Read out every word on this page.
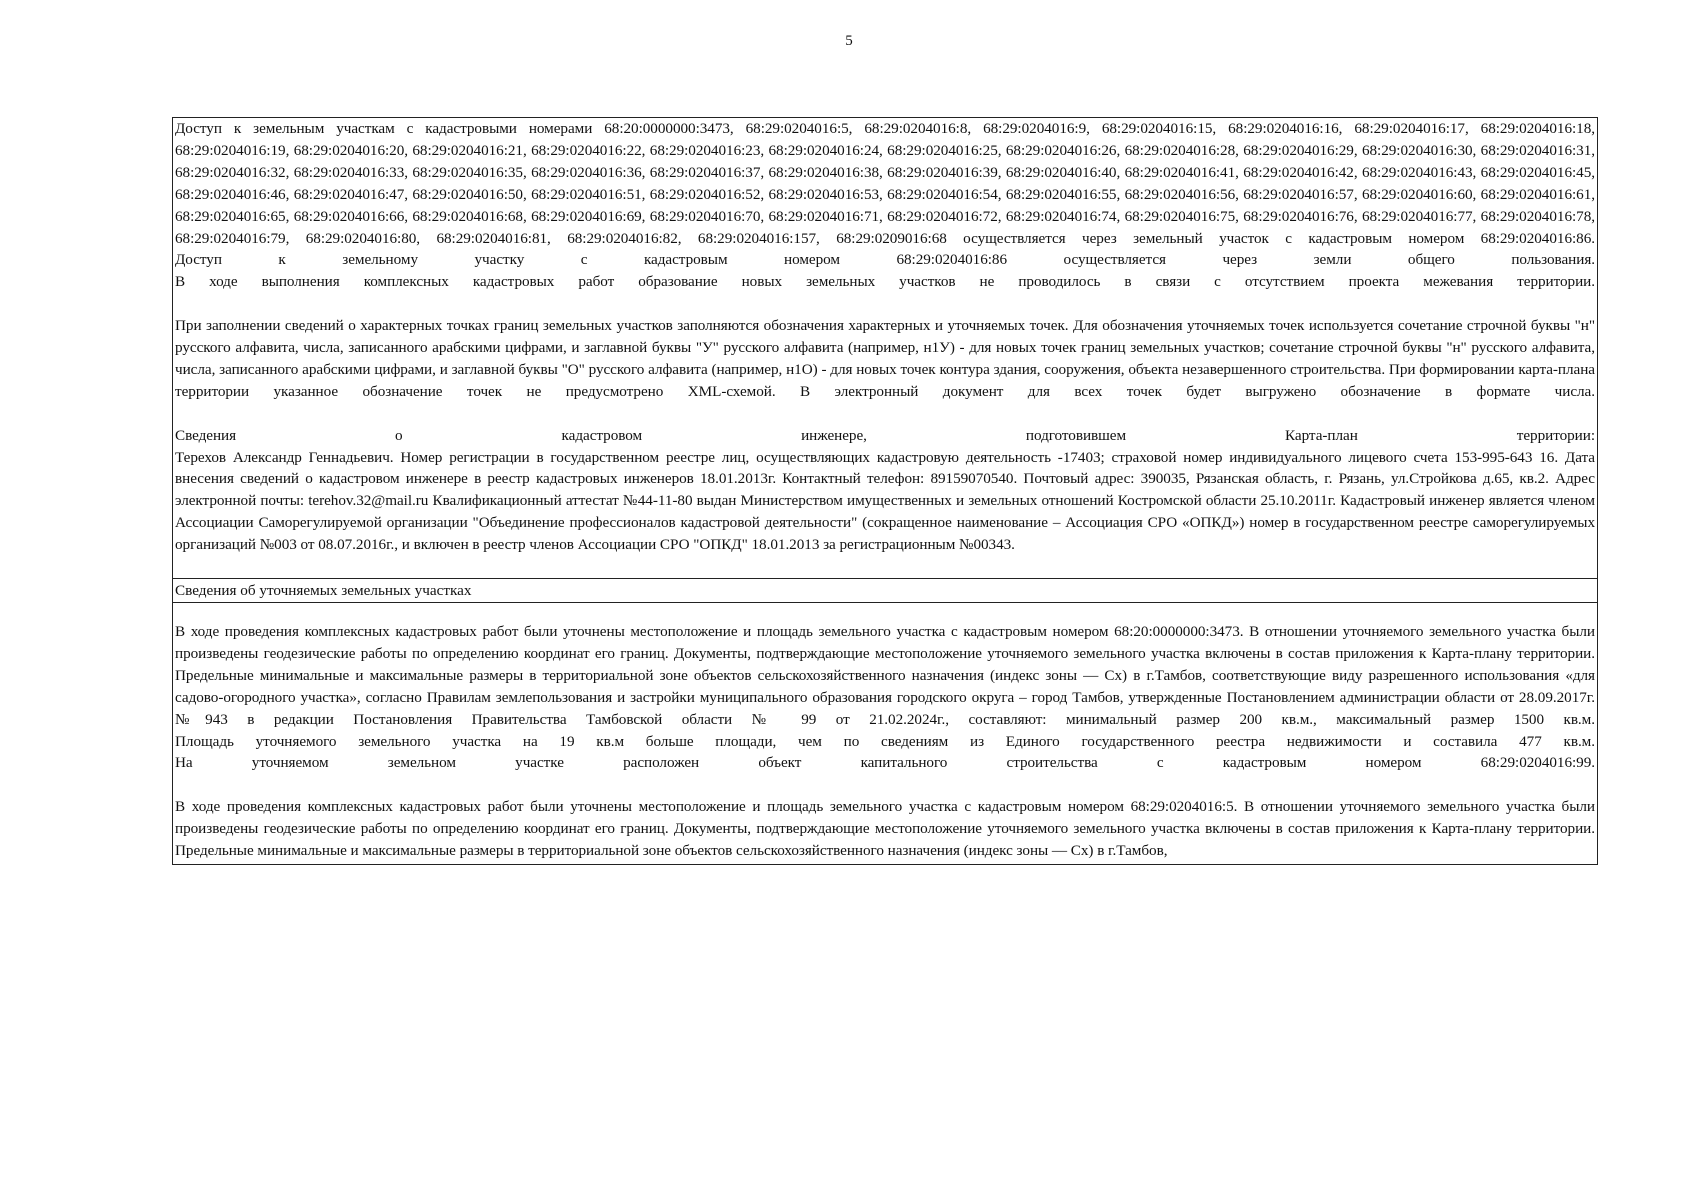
5

Доступ к земельным участкам с кадастровыми номерами 68:20:0000000:3473, 68:29:0204016:5, 68:29:0204016:8, 68:29:0204016:9, 68:29:0204016:15, 68:29:0204016:16, 68:29:0204016:17, 68:29:0204016:18, 68:29:0204016:19, 68:29:0204016:20, 68:29:0204016:21, 68:29:0204016:22, 68:29:0204016:23, 68:29:0204016:24, 68:29:0204016:25, 68:29:0204016:26, 68:29:0204016:28, 68:29:0204016:29, 68:29:0204016:30, 68:29:0204016:31, 68:29:0204016:32, 68:29:0204016:33, 68:29:0204016:35, 68:29:0204016:36, 68:29:0204016:37, 68:29:0204016:38, 68:29:0204016:39, 68:29:0204016:40, 68:29:0204016:41, 68:29:0204016:42, 68:29:0204016:43, 68:29:0204016:45, 68:29:0204016:46, 68:29:0204016:47, 68:29:0204016:50, 68:29:0204016:51, 68:29:0204016:52, 68:29:0204016:53, 68:29:0204016:54, 68:29:0204016:55, 68:29:0204016:56, 68:29:0204016:57, 68:29:0204016:60, 68:29:0204016:61, 68:29:0204016:65, 68:29:0204016:66, 68:29:0204016:68, 68:29:0204016:69, 68:29:0204016:70, 68:29:0204016:71, 68:29:0204016:72, 68:29:0204016:74, 68:29:0204016:75, 68:29:0204016:76, 68:29:0204016:77, 68:29:0204016:78, 68:29:0204016:79, 68:29:0204016:80, 68:29:0204016:81, 68:29:0204016:82, 68:29:0204016:157, 68:29:0209016:68 осуществляется через земельный участок с кадастровым номером 68:29:0204016:86.

Доступ к земельному участку с кадастровым номером 68:29:0204016:86 осуществляется через земли общего пользования.

В ходе выполнения комплексных кадастровых работ образование новых земельных участков не проводилось в связи с отсутствием проекта межевания территории.

При заполнении сведений о характерных точках границ земельных участков заполняются обозначения характерных и уточняемых точек. Для обозначения уточняемых точек используется сочетание строчной буквы "н" русского алфавита, числа, записанного арабскими цифрами, и заглавной буквы "У" русского алфавита (например, н1У) - для новых точек границ земельных участков; сочетание строчной буквы "н" русского алфавита, числа, записанного арабскими цифрами, и заглавной буквы "О" русского алфавита (например, н1О) - для новых точек контура здания, сооружения, объекта незавершенного строительства. При формировании карта-плана территории указанное обозначение точек не предусмотрено XML-схемой. В электронный документ для всех точек будет выгружено обозначение в формате числа.

Сведения о кадастровом инженере, подготовившем Карта-план территории:

Терехов Александр Геннадьевич. Номер регистрации в государственном реестре лиц, осуществляющих кадастровую деятельность -17403; страховой номер индивидуального лицевого счета 153-995-643 16. Дата внесения сведений о кадастровом инженере в реестр кадастровых инженеров 18.01.2013г. Контактный телефон: 89159070540. Почтовый адрес: 390035, Рязанская область, г. Рязань, ул.Стройкова д.65, кв.2. Адрес электронной почты: terehov.32@mail.ru Квалификационный аттестат №44-11-80 выдан Министерством имущественных и земельных отношений Костромской области 25.10.2011г. Кадастровый инженер является членом Ассоциации Саморегулируемой организации "Объединение профессионалов кадастровой деятельности" (сокращенное наименование – Ассоциация СРО «ОПКД») номер в государственном реестре саморегулируемых организаций №003 от 08.07.2016г., и включен в реестр членов Ассоциации СРО "ОПКД" 18.01.2013 за регистрационным №00343.

Сведения об уточняемых земельных участках

В ходе проведения комплексных кадастровых работ были уточнены местоположение и площадь земельного участка с кадастровым номером 68:20:0000000:3473. В отношении уточняемого земельного участка были произведены геодезические работы по определению координат его границ. Документы, подтверждающие местоположение уточняемого земельного участка включены в состав приложения к Карта-плану территории.

Предельные минимальные и максимальные размеры в территориальной зоне объектов сельскохозяйственного назначения (индекс зоны — Сх) в г.Тамбов, соответствующие виду разрешенного использования «для садово-огородного участка», согласно Правилам землепользования и застройки муниципального образования городского округа – город Тамбов, утвержденные Постановлением администрации области от 28.09.2017г. №943 в редакции Постановления Правительства Тамбовской области № 99 от 21.02.2024г., составляют: минимальный размер 200 кв.м., максимальный размер 1500 кв.м.

Площадь уточняемого земельного участка на 19 кв.м больше площади, чем по сведениям из Единого государственного реестра недвижимости и составила 477 кв.м.

На уточняемом земельном участке расположен объект капитального строительства с кадастровым номером 68:29:0204016:99.

В ходе проведения комплексных кадастровых работ были уточнены местоположение и площадь земельного участка с кадастровым номером 68:29:0204016:5. В отношении уточняемого земельного участка были произведены геодезические работы по определению координат его границ. Документы, подтверждающие местоположение уточняемого земельного участка включены в состав приложения к Карта-плану территории.

Предельные минимальные и максимальные размеры в территориальной зоне объектов сельскохозяйственного назначения (индекс зоны — Сх) в г.Тамбов,
